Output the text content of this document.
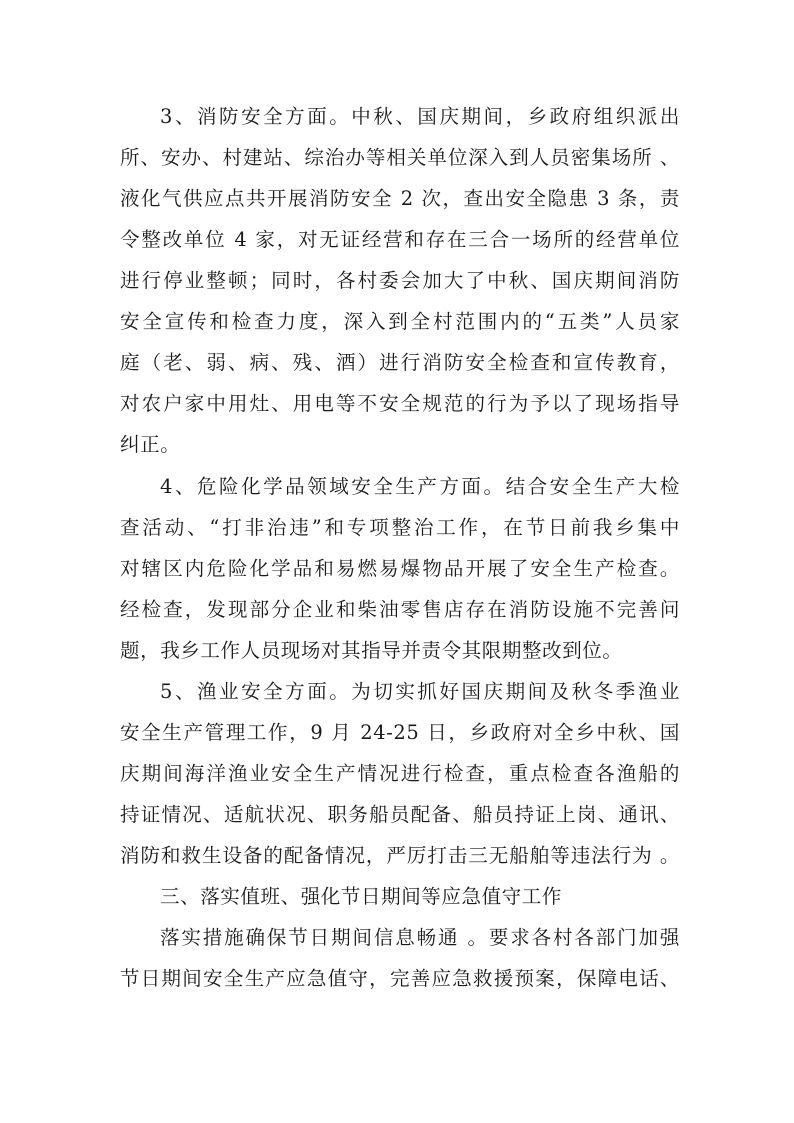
3、消防安全方面。中秋、国庆期间，乡政府组织派出
所、安办、村建站、综治办等相关单位深入到人员密集场所 、
液化气供应点共开展消防安全 2 次，查出安全隐患 3 条，责
令整改单位 4 家，对无证经营和存在三合一场所的经营单位
进行停业整顿；同时，各村委会加大了中秋、国庆期间消防
安全宣传和检查力度，深入到全村范围内的“五类”人员家
庭（老、弱、病、残、酒）进行消防安全检查和宣传教育，
对农户家中用灶、用电等不安全规范的行为予以了现场指导
纠正。
4、危险化学品领域安全生产方面。结合安全生产大检
查活动、“打非治违”和专项整治工作，在节日前我乡集中
对辖区内危险化学品和易燃易爆物品开展了安全生产检查。
经检查，发现部分企业和柴油零售店存在消防设施不完善问
题，我乡工作人员现场对其指导并责令其限期整改到位。
5、渔业安全方面。为切实抓好国庆期间及秋冬季渔业
安全生产管理工作，9 月 24-25 日，乡政府对全乡中秋、国
庆期间海洋渔业安全生产情况进行检查，重点检查各渔船的
持证情况、适航状况、职务船员配备、船员持证上岗、通讯、
消防和救生设备的配备情况，严厉打击三无船舶等违法行为 。
三、落实值班、强化节日期间等应急值守工作
落实措施确保节日期间信息畅通 。要求各村各部门加强
节日期间安全生产应急值守，完善应急救援预案，保障电话、
